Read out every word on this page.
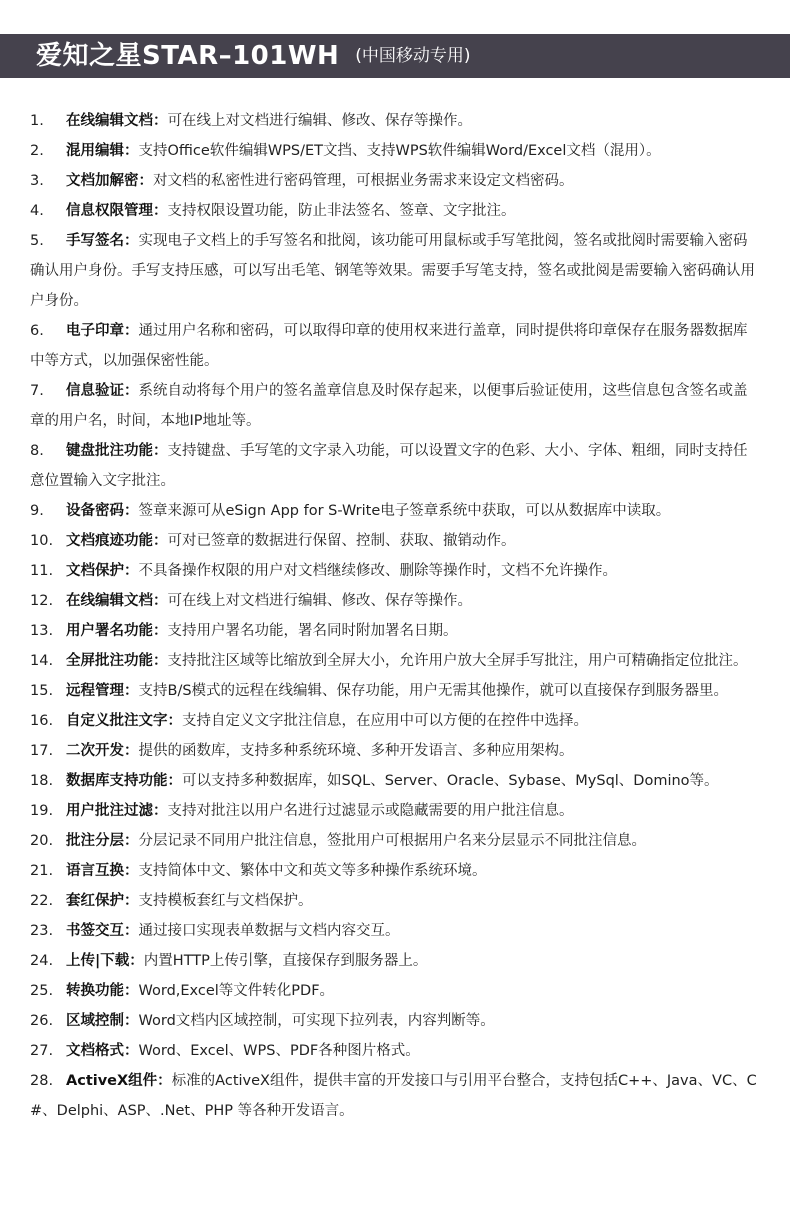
爱知之星STAR–101WH (中国移动专用)

1. 在线编辑文档：可在线上对文档进行编辑、修改、保存等操作。

2. 混用编辑：支持Office软件编辑WPS/ET文挡、支持WPS软件编辑Word/Excel文档（混用）。

3. 文档加解密：对文档的私密性进行密码管理，可根据业务需求来设定文档密码。

4. 信息权限管理：支持权限设置功能，防止非法签名、签章、文字批注。

5. 手写签名：实现电子文档上的手写签名和批阅，该功能可用鼠标或手写笔批阅，签名或批阅时需要输入密码确认用户身份。手写支持压感，可以写出毛笔、钢笔等效果。需要手写笔支持，签名或批阅是需要输入密码确认用户身份。

6. 电子印章：通过用户名称和密码，可以取得印章的使用权来进行盖章，同时提供将印章保存在服务器数据库中等方式，以加强保密性能。

7. 信息验证：系统自动将每个用户的签名盖章信息及时保存起来，以便事后验证使用，这些信息包含签名或盖章的用户名，时间，本地IP地址等。

8. 键盘批注功能：支持键盘、手写笔的文字录入功能，可以设置文字的色彩、大小、字体、粗细，同时支持任意位置输入文字批注。

9. 设备密码：签章来源可从eSign App for S-Write电子签章系统中获取，可以从数据库中读取。

10. 文档痕迹功能：可对已签章的数据进行保留、控制、获取、撤销动作。

11. 文档保护：不具备操作权限的用户对文档继续修改、删除等操作时，文档不允许操作。

12. 在线编辑文档：可在线上对文档进行编辑、修改、保存等操作。

13. 用户署名功能：支持用户署名功能，署名同时附加署名日期。

14. 全屏批注功能：支持批注区域等比缩放到全屏大小，允许用户放大全屏手写批注，用户可精确指定位批注。

15. 远程管理：支持B/S模式的远程在线编辑、保存功能，用户无需其他操作，就可以直接保存到服务器里。

16. 自定义批注文字：支持自定义文字批注信息，在应用中可以方便的在控件中选择。

17. 二次开发：提供的函数库，支持多种系统环境、多种开发语言、多种应用架构。

18. 数据库支持功能：可以支持多种数据库，如SQL、Server、Oracle、Sybase、MySql、Domino等。

19. 用户批注过滤：支持对批注以用户名进行过滤显示或隐藏需要的用户批注信息。

20. 批注分层：分层记录不同用户批注信息，签批用户可根据用户名来分层显示不同批注信息。

21. 语言互换：支持简体中文、繁体中文和英文等多种操作系统环境。

22. 套红保护：支持模板套红与文档保护。

23. 书签交互：通过接口实现表单数据与文档内容交互。

24. 上传|下载：内置HTTP上传引擎，直接保存到服务器上。

25. 转换功能：Word,Excel等文件转化PDF。

26. 区域控制：Word文档内区域控制，可实现下拉列表，内容判断等。

27. 文档格式：Word、Excel、WPS、PDF各种图片格式。

28. ActiveX组件：标准的ActiveX组件，提供丰富的开发接口与引用平台整合，支持包括C++、Java、VC、C#、Delphi、ASP、.Net、PHP 等各种开发语言。
